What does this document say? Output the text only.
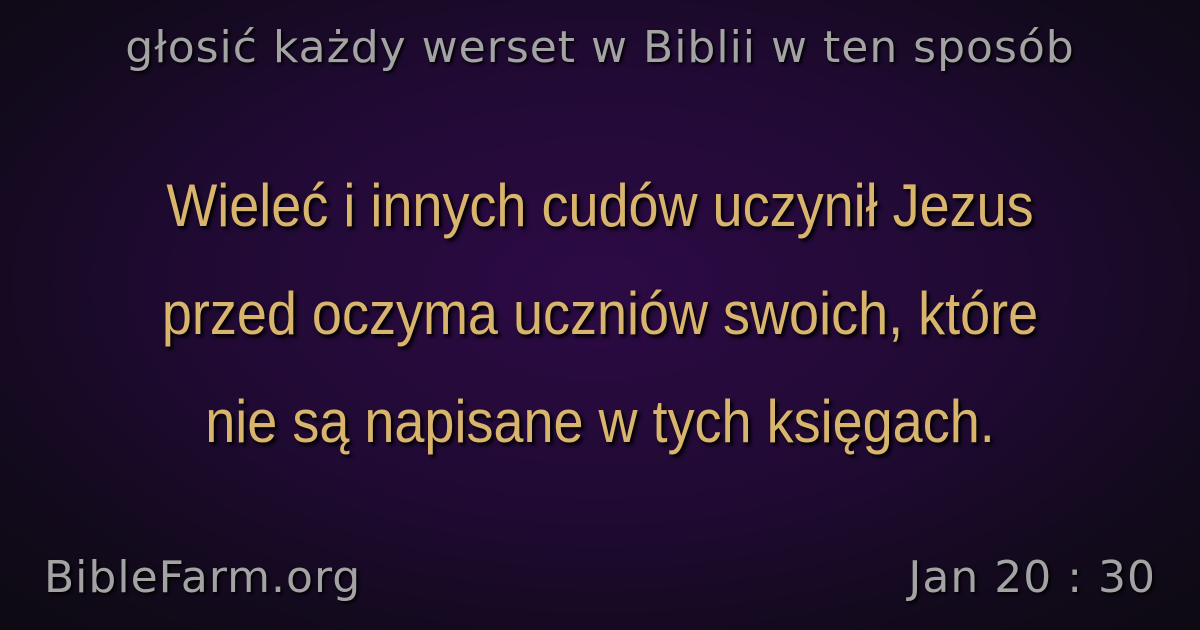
głosić każdy werset w Biblii w ten sposób
Wieleć i innych cudów uczynił Jezus
przed oczyma uczniów swoich, które
nie są napisane w tych księgach.
BibleFarm.org	Jan 20 : 30
